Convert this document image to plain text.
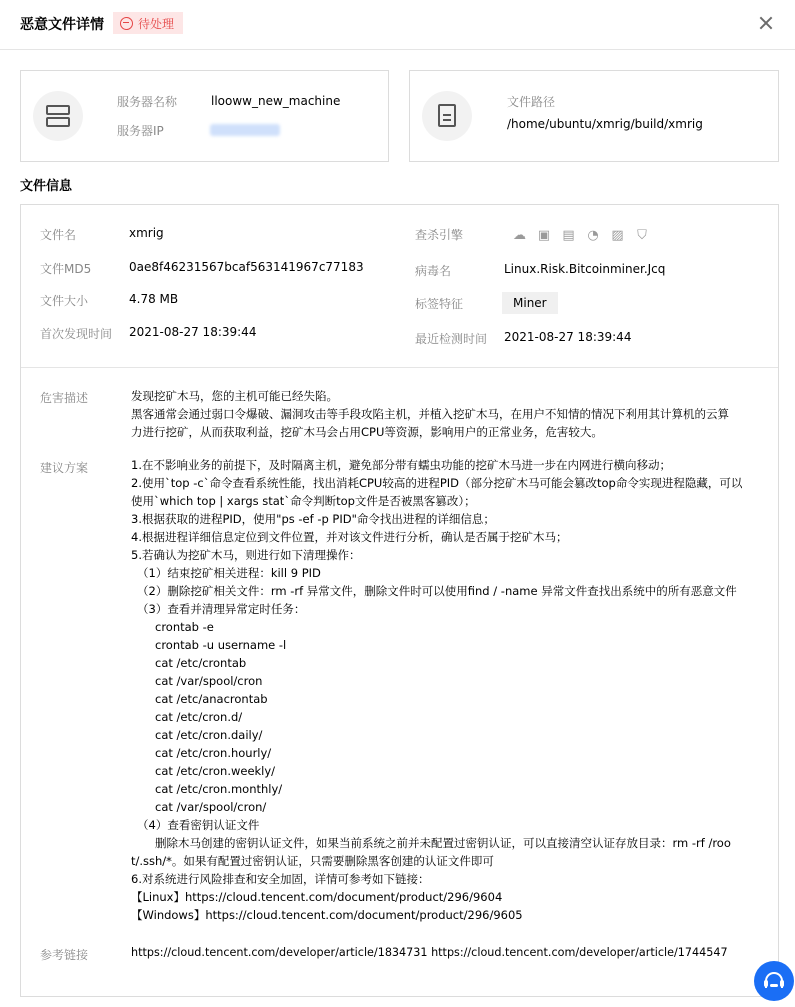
恶意文件详情	待处理
服务器名称	llooww_new_machine
服务器IP
文件路径
/home/ubuntu/xmrig/build/xmrig
文件信息
文件名	xmrig
文件MD5	0ae8f46231567bcaf563141967c77183
文件大小	4.78 MB
首次发现时间 2021-08-27 18:39:44
查杀引擎	☁ ▣ ▤ ◔ ▨ ⛉
病毒名	Linux.Risk.Bitcoinminer.Jcq
标签特征	Miner
最近检测时间 2021-08-27 18:39:44
危害描述	发现挖矿木马，您的主机可能已经失陷。
黑客通常会通过弱口令爆破、漏洞攻击等手段攻陷主机，并植入挖矿木马，在用户不知情的情况下利用其计算机的云算
力进行挖矿，从而获取利益，挖矿木马会占用CPU等资源，影响用户的正常业务，危害较大。
建议方案	1.在不影响业务的前提下，及时隔离主机，避免部分带有蠕虫功能的挖矿木马进一步在内网进行横向移动；
2.使用`top -c`命令查看系统性能，找出消耗CPU较高的进程PID（部分挖矿木马可能会篡改top命令实现进程隐藏，可以
使用`which top | xargs stat`命令判断top文件是否被黑客篡改）；
3.根据获取的进程PID，使用"ps -ef -p PID"命令找出进程的详细信息；
4.根据进程详细信息定位到文件位置，并对该文件进行分析，确认是否属于挖矿木马；
5.若确认为挖矿木马，则进行如下清理操作：
（1）结束挖矿相关进程：kill 9 PID
（2）删除挖矿相关文件：rm -rf 异常文件，删除文件时可以使用find / -name 异常文件查找出系统中的所有恶意文件
（3）查看并清理异常定时任务：
crontab -e
crontab -u username -l
cat /etc/crontab
cat /var/spool/cron
cat /etc/anacrontab
cat /etc/cron.d/
cat /etc/cron.daily/
cat /etc/cron.hourly/
cat /etc/cron.weekly/
cat /etc/cron.monthly/
cat /var/spool/cron/
（4）查看密钥认证文件
删除木马创建的密钥认证文件，如果当前系统之前并未配置过密钥认证，可以直接清空认证存放目录：rm -rf /roo
t/.ssh/*。如果有配置过密钥认证，只需要删除黑客创建的认证文件即可
6.对系统进行风险排查和安全加固，详情可参考如下链接：
【Linux】https://cloud.tencent.com/document/product/296/9604
【Windows】https://cloud.tencent.com/document/product/296/9605
参考链接	https://cloud.tencent.com/developer/article/1834731 https://cloud.tencent.com/developer/article/1744547
